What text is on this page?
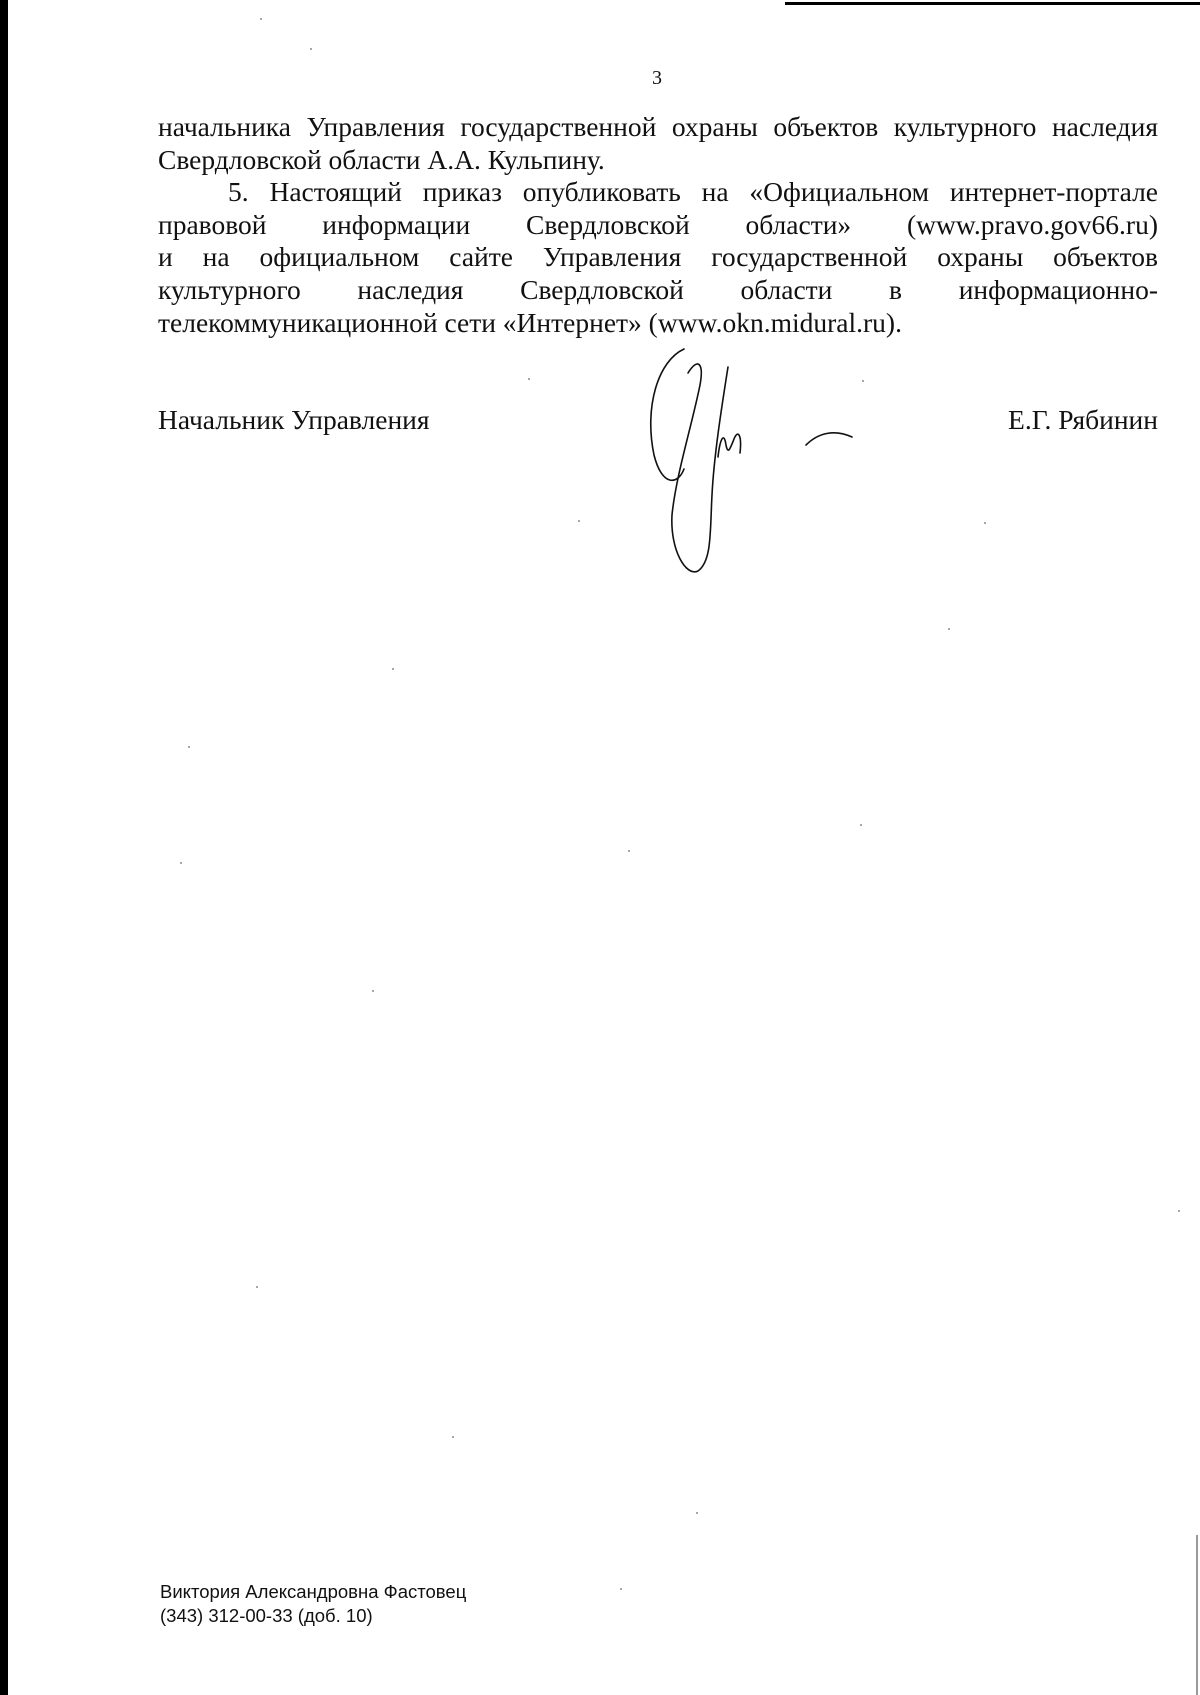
3
начальника Управления государственной охраны объектов культурного наследия
Свердловской области А.А. Кульпину.
5. Настоящий приказ опубликовать на «Официальном интернет-портале
правовой информации Свердловской области» (www.pravo.gov66.ru)
и на официальном сайте Управления государственной охраны объектов
культурного наследия Свердловской области в информационно-
телекоммуникационной сети «Интернет» (www.okn.midural.ru).
Начальник Управления	Е.Г. Рябинин
Виктория Александровна Фастовец
(343) 312-00-33 (доб. 10)
